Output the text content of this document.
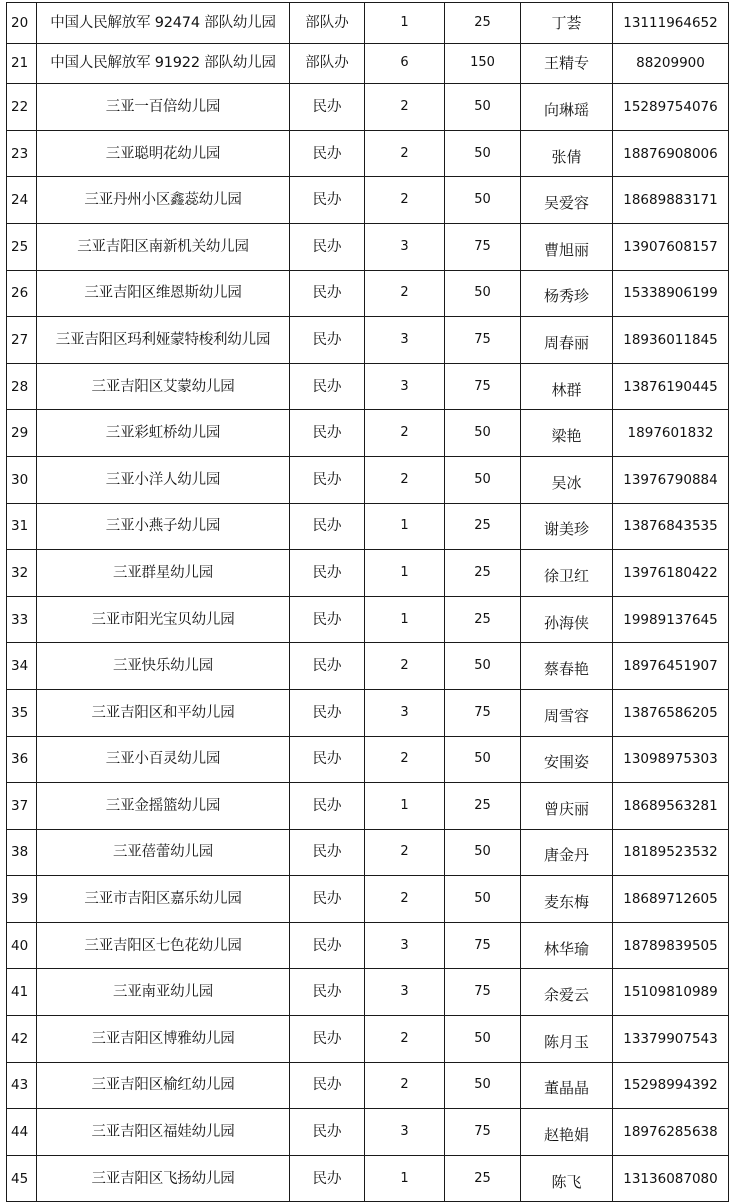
20	中国人民解放军 92474 部队幼儿园	部队办	1	25	丁荟	13111964652
21	中国人民解放军 91922 部队幼儿园	部队办	6	150	王精专	88209900
22	三亚一百倍幼儿园	民办	2	50	向琳瑶	15289754076
23	三亚聪明花幼儿园	民办	2	50	张倩	18876908006
24	三亚丹州小区鑫蕊幼儿园	民办	2	50	吴爱容	18689883171
25	三亚吉阳区南新机关幼儿园	民办	3	75	曹旭丽	13907608157
26	三亚吉阳区维恩斯幼儿园	民办	2	50	杨秀珍	15338906199
27	三亚吉阳区玛利娅蒙特梭利幼儿园	民办	3	75	周春丽	18936011845
28	三亚吉阳区艾蒙幼儿园	民办	3	75	林群	13876190445
29	三亚彩虹桥幼儿园	民办	2	50	梁艳	1897601832
30	三亚小洋人幼儿园	民办	2	50	吴冰	13976790884
31	三亚小燕子幼儿园	民办	1	25	谢美珍	13876843535
32	三亚群星幼儿园	民办	1	25	徐卫红	13976180422
33	三亚市阳光宝贝幼儿园	民办	1	25	孙海侠	19989137645
34	三亚快乐幼儿园	民办	2	50	蔡春艳	18976451907
35	三亚吉阳区和平幼儿园	民办	3	75	周雪容	13876586205
36	三亚小百灵幼儿园	民办	2	50	安围姿	13098975303
37	三亚金摇篮幼儿园	民办	1	25	曾庆丽	18689563281
38	三亚蓓蕾幼儿园	民办	2	50	唐金丹	18189523532
39	三亚市吉阳区嘉乐幼儿园	民办	2	50	麦东梅	18689712605
40	三亚吉阳区七色花幼儿园	民办	3	75	林华瑜	18789839505
41	三亚南亚幼儿园	民办	3	75	余爱云	15109810989
42	三亚吉阳区博雅幼儿园	民办	2	50	陈月玉	13379907543
43	三亚吉阳区榆红幼儿园	民办	2	50	董晶晶	15298994392
44	三亚吉阳区福娃幼儿园	民办	3	75	赵艳娟	18976285638
45	三亚吉阳区飞扬幼儿园	民办	1	25	陈飞	13136087080
